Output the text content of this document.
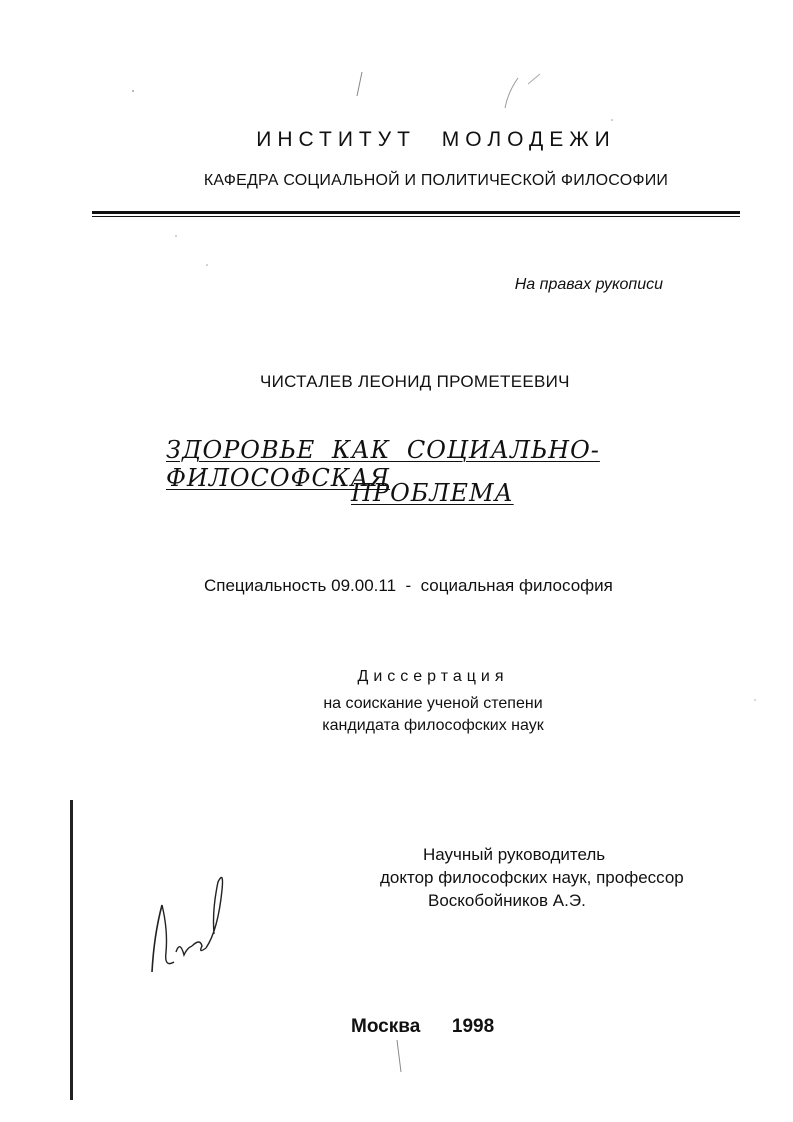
ИНСТИТУТ МОЛОДЕЖИ
КАФЕДРА СОЦИАЛЬНОЙ И ПОЛИТИЧЕСКОЙ ФИЛОСОФИИ
На правах рукописи
ЧИСТАЛЕВ ЛЕОНИД ПРОМЕТЕЕВИЧ
ЗДОРОВЬЕ КАК СОЦИАЛЬНО-ФИЛОСОФСКАЯ
ПРОБЛЕМА
Специальность 09.00.11  -  социальная философия
Диссертация
на соискание ученой степени
кандидата философских наук
Научный руководитель
доктор философских наук, профессор
Воскобойников А.Э.
Москва      1998
